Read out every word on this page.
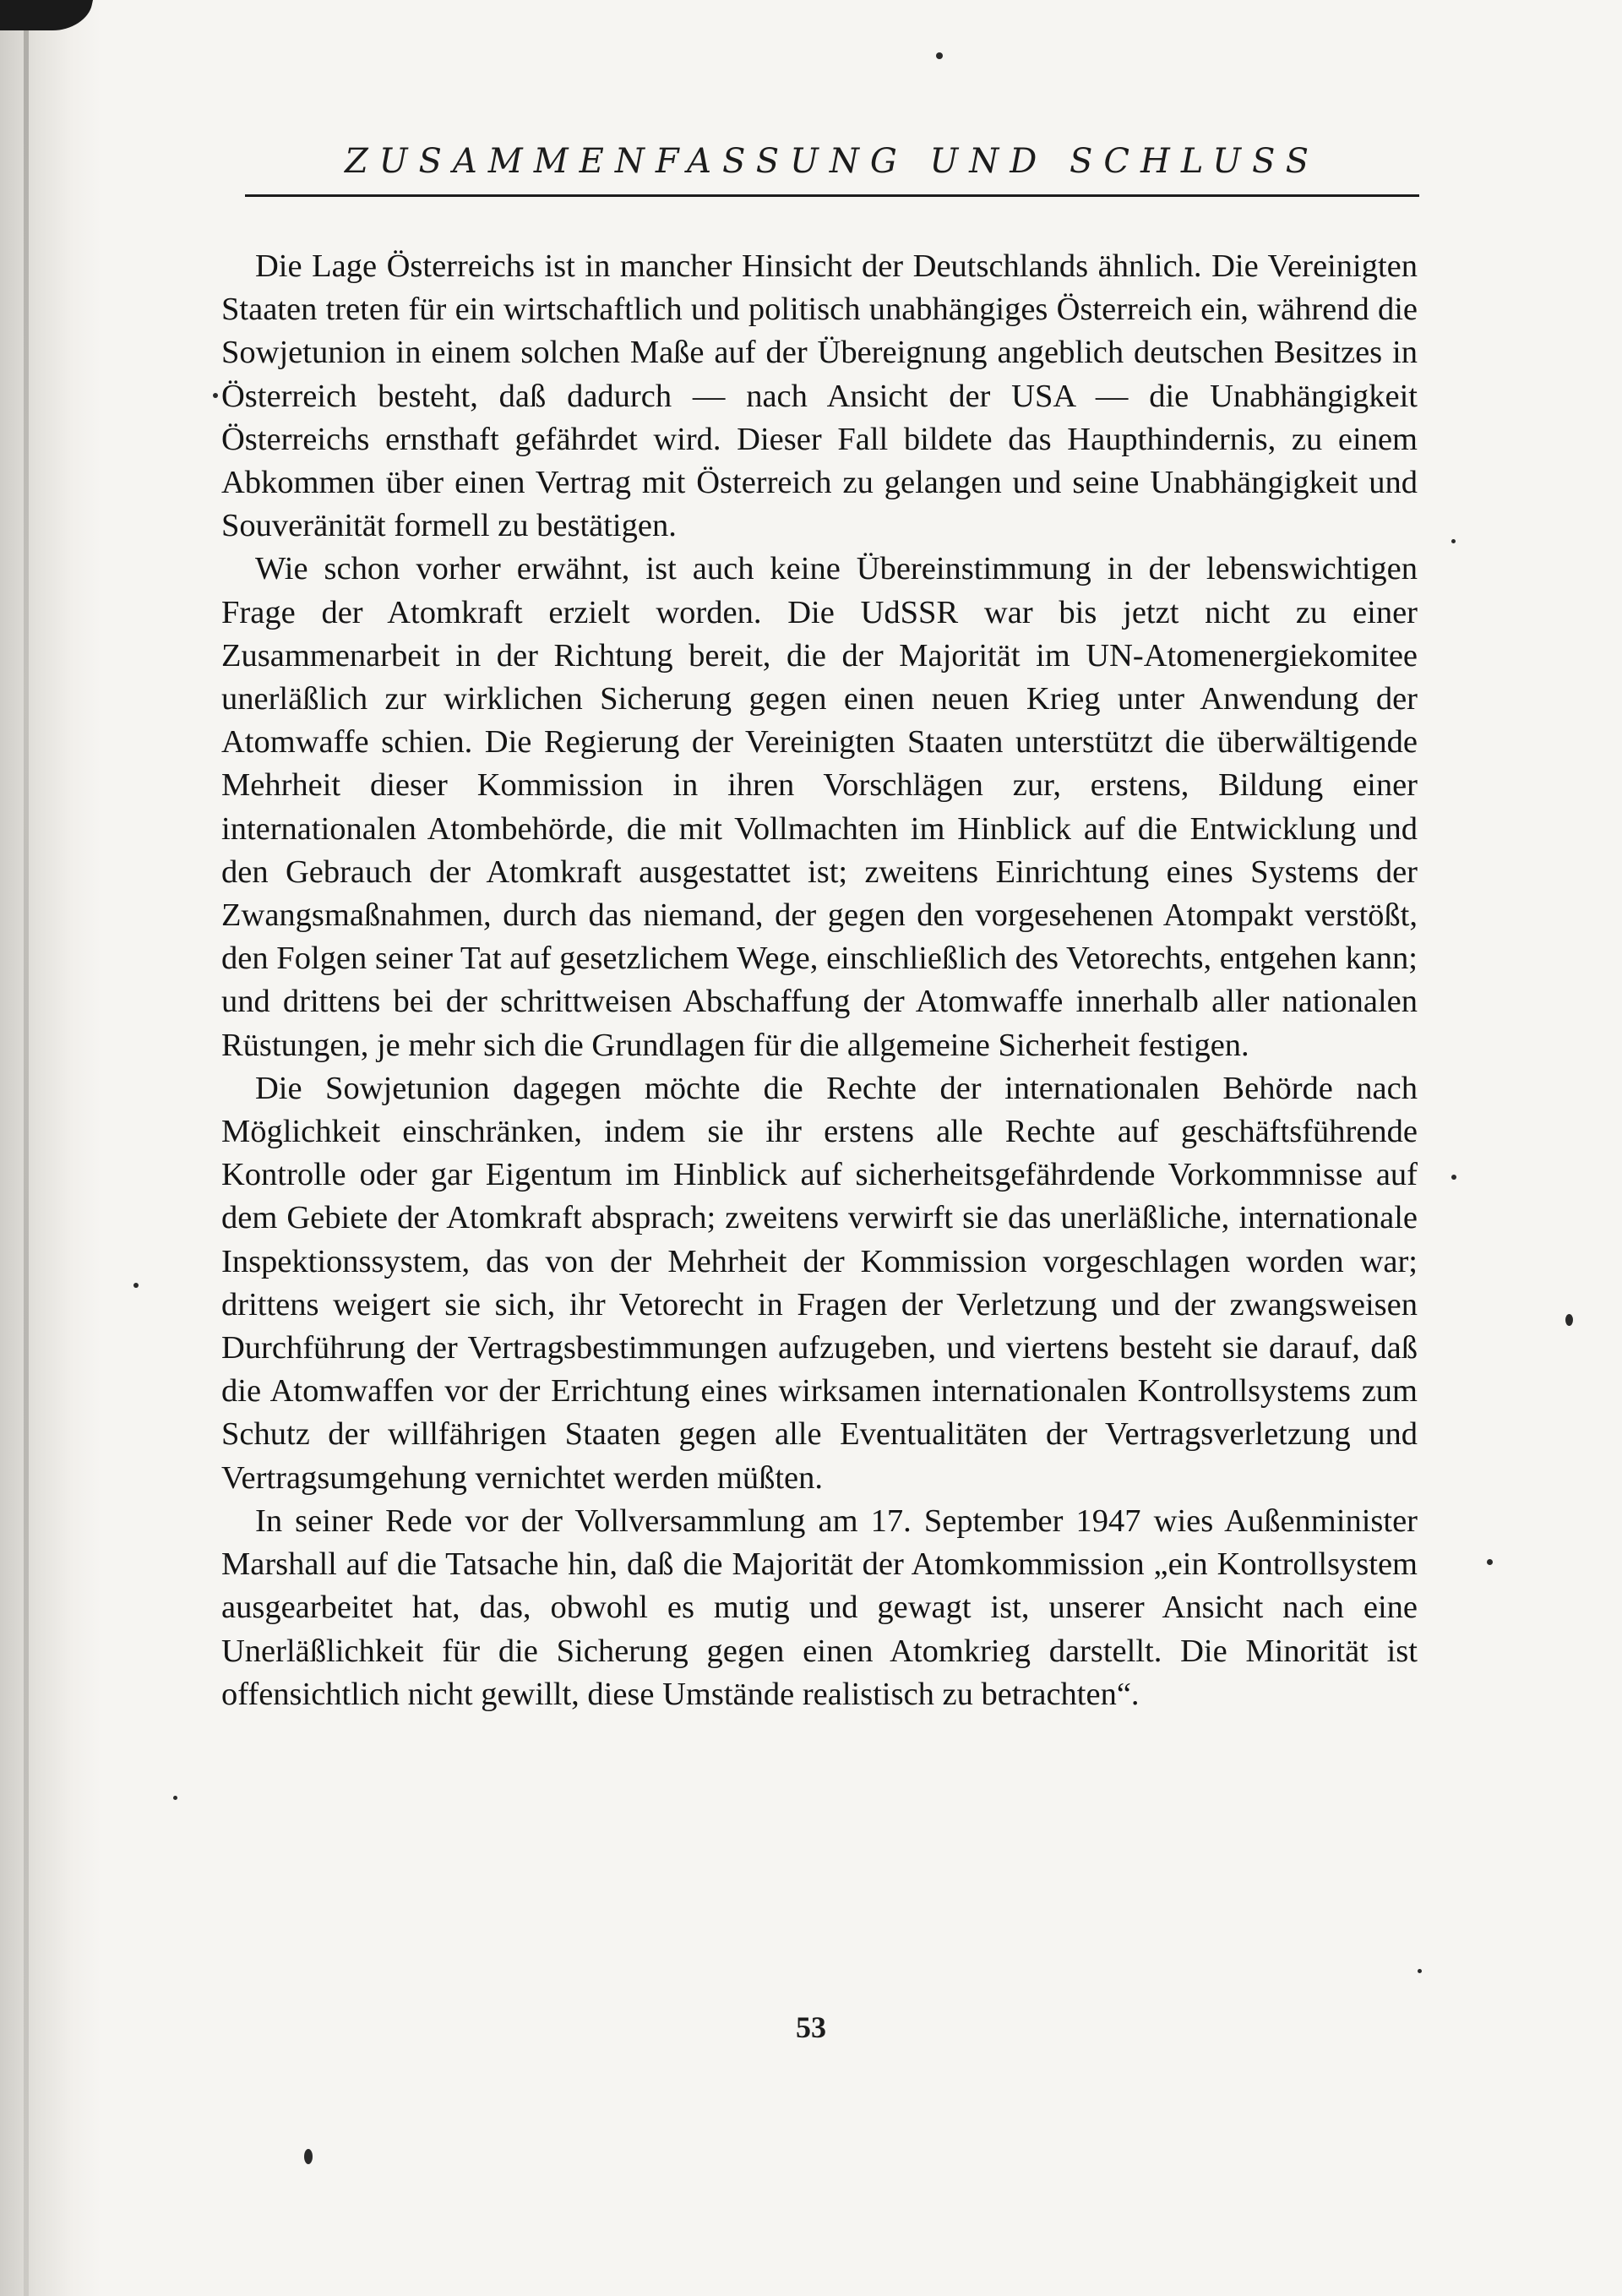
ZUSAMMENFASSUNG UND SCHLUSS

Die Lage Österreichs ist in mancher Hinsicht der Deutschlands ähnlich. Die Vereinigten Staaten treten für ein wirtschaftlich und politisch unabhängiges Österreich ein, während die Sowjetunion in einem solchen Maße auf der Übereignung angeblich deutschen Besitzes in Österreich besteht, daß dadurch — nach Ansicht der USA — die Unabhängigkeit Österreichs ernsthaft gefährdet wird. Dieser Fall bildete das Haupthindernis, zu einem Abkommen über einen Vertrag mit Österreich zu gelangen und seine Unabhängigkeit und Souveränität formell zu bestätigen.

Wie schon vorher erwähnt, ist auch keine Übereinstimmung in der lebenswichtigen Frage der Atomkraft erzielt worden. Die UdSSR war bis jetzt nicht zu einer Zusammenarbeit in der Richtung bereit, die der Majorität im UN-Atomenergiekomitee unerläßlich zur wirklichen Sicherung gegen einen neuen Krieg unter Anwendung der Atomwaffe schien. Die Regierung der Vereinigten Staaten unterstützt die überwältigende Mehrheit dieser Kommission in ihren Vorschlägen zur, erstens, Bildung einer internationalen Atombehörde, die mit Vollmachten im Hinblick auf die Entwicklung und den Gebrauch der Atomkraft ausgestattet ist; zweitens Einrichtung eines Systems der Zwangsmaßnahmen, durch das niemand, der gegen den vorgesehenen Atompakt verstößt, den Folgen seiner Tat auf gesetzlichem Wege, einschließlich des Vetorechts, entgehen kann; und drittens bei der schrittweisen Abschaffung der Atomwaffe innerhalb aller nationalen Rüstungen, je mehr sich die Grundlagen für die allgemeine Sicherheit festigen.

Die Sowjetunion dagegen möchte die Rechte der internationalen Behörde nach Möglichkeit einschränken, indem sie ihr erstens alle Rechte auf geschäftsführende Kontrolle oder gar Eigentum im Hinblick auf sicherheitsgefährdende Vorkommnisse auf dem Gebiete der Atomkraft absprach; zweitens verwirft sie das unerläßliche, internationale Inspektionssystem, das von der Mehrheit der Kommission vorgeschlagen worden war; drittens weigert sie sich, ihr Vetorecht in Fragen der Verletzung und der zwangsweisen Durchführung der Vertragsbestimmungen aufzugeben, und viertens besteht sie darauf, daß die Atomwaffen vor der Errichtung eines wirksamen internationalen Kontrollsystems zum Schutz der willfährigen Staaten gegen alle Eventualitäten der Vertragsverletzung und Vertragsumgehung vernichtet werden müßten.

In seiner Rede vor der Vollversammlung am 17. September 1947 wies Außenminister Marshall auf die Tatsache hin, daß die Majorität der Atomkommission „ein Kontrollsystem ausgearbeitet hat, das, obwohl es mutig und gewagt ist, unserer Ansicht nach eine Unerläßlichkeit für die Sicherung gegen einen Atomkrieg darstellt. Die Minorität ist offensichtlich nicht gewillt, diese Umstände realistisch zu betrachten“.

53
